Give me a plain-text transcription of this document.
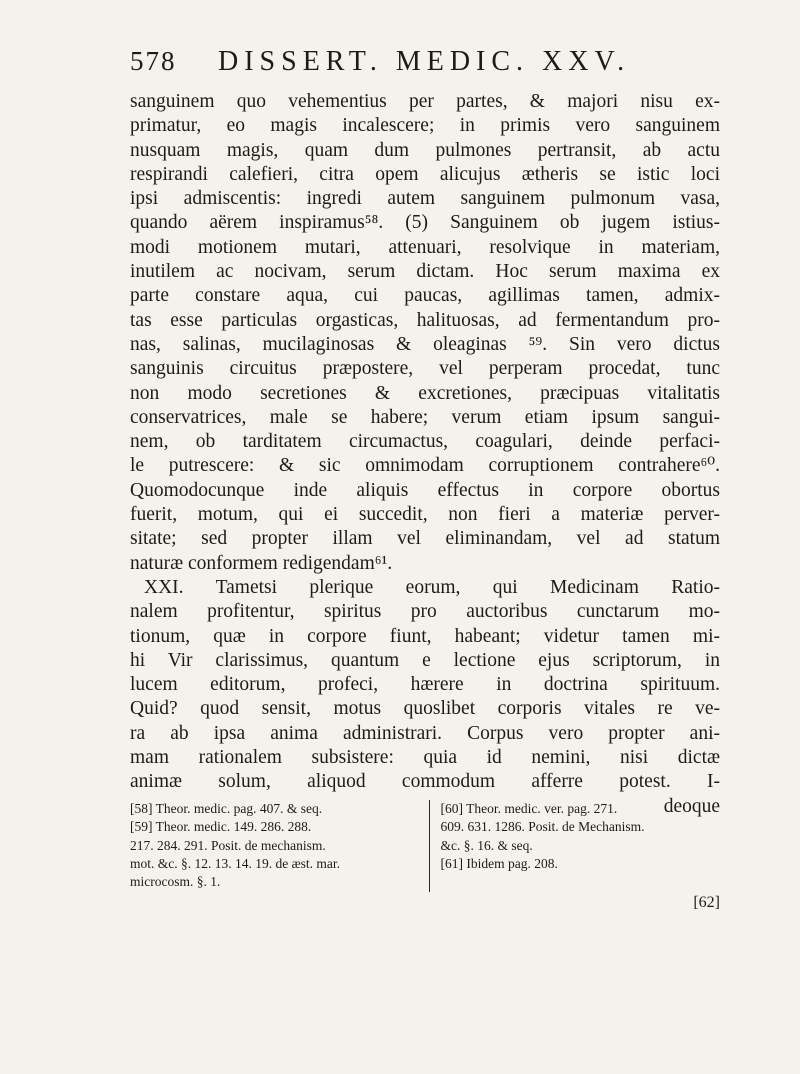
578	DISSERT. MEDIC. XXV.
sanguinem quo vehementius per partes, & majori nisu ex-
primatur, eo magis incalescere; in primis vero sanguinem
nusquam magis, quam dum pulmones pertransit, ab actu
respirandi calefieri, citra opem alicujus ætheris se istic loci
ipsi admiscentis: ingredi autem sanguinem pulmonum vasa,
quando aërem inspiramus⁵⁸. (5) Sanguinem ob jugem istius-
modi motionem mutari, attenuari, resolvique in materiam,
inutilem ac nocivam, serum dictam. Hoc serum maxima ex
parte constare aqua, cui paucas, agillimas tamen, admix-
tas esse particulas orgasticas, halituosas, ad fermentandum pro-
nas, salinas, mucilaginosas & oleaginas ⁵⁹. Sin vero dictus
sanguinis circuitus præpostere, vel perperam procedat, tunc
non modo secretiones & excretiones, præcipuas vitalitatis
conservatrices, male se habere; verum etiam ipsum sangui-
nem, ob tarditatem circumactus, coagulari, deinde perfaci-
le putrescere: & sic omnimodam corruptionem contrahere⁶⁰.
Quomodocunque inde aliquis effectus in corpore obortus
fuerit, motum, qui ei succedit, non fieri a materiæ perver-
sitate; sed propter illam vel eliminandam, vel ad statum
naturæ conformem redigendam⁶¹.
XXI. Tametsi plerique eorum, qui Medicinam Ratio-
nalem profitentur, spiritus pro auctoribus cunctarum mo-
tionum, quæ in corpore fiunt, habeant; videtur tamen mi-
hi Vir clarissimus, quantum e lectione ejus scriptorum, in
lucem editorum, profeci, hærere in doctrina spirituum.
Quid? quod sensit, motus quoslibet corporis vitales re ve-
ra ab ipsa anima administrari. Corpus vero propter ani-
mam rationalem subsistere: quia id nemini, nisi dictæ
animæ solum, aliquod commodum afferre potest. I-
deoque
[58] Theor. medic. pag. 407. & seq.
[59] Theor. medic. 149. 286. 288.
217. 284. 291. Posit. de mechanism.
mot. &c. §. 12. 13. 14. 19. de æst. mar.
microcosm. §. 1.
[60] Theor. medic. ver. pag. 271.
609. 631. 1286. Posit. de Mechanism.
&c. §. 16. & seq.
[61] Ibidem pag. 208.
[62]
